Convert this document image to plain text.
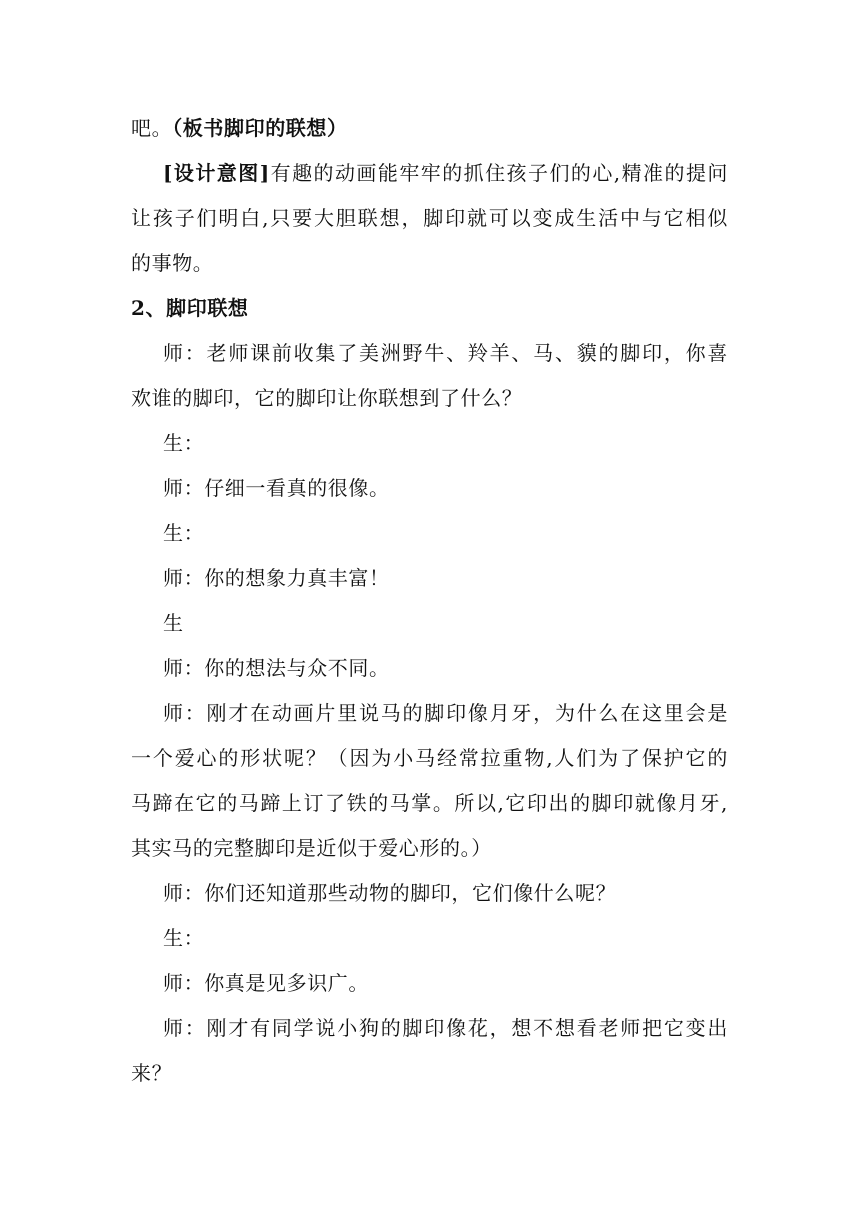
吧。（板书脚印的联想）
[设计意图]有趣的动画能牢牢的抓住孩子们的心,精准的提问
让孩子们明白,只要大胆联想，脚印就可以变成生活中与它相似
的事物。
2、脚印联想
师：老师课前收集了美洲野牛、羚羊、马、貘的脚印，你喜
欢谁的脚印，它的脚印让你联想到了什么？
生：
师：仔细一看真的很像。
生：
师：你的想象力真丰富！
生
师：你的想法与众不同。
师：刚才在动画片里说马的脚印像月牙，为什么在这里会是
一个爱心的形状呢？（因为小马经常拉重物,人们为了保护它的
马蹄在它的马蹄上订了铁的马掌。所以,它印出的脚印就像月牙,
其实马的完整脚印是近似于爱心形的。）
师：你们还知道那些动物的脚印，它们像什么呢？
生：
师：你真是见多识广。
师：刚才有同学说小狗的脚印像花，想不想看老师把它变出
来？
